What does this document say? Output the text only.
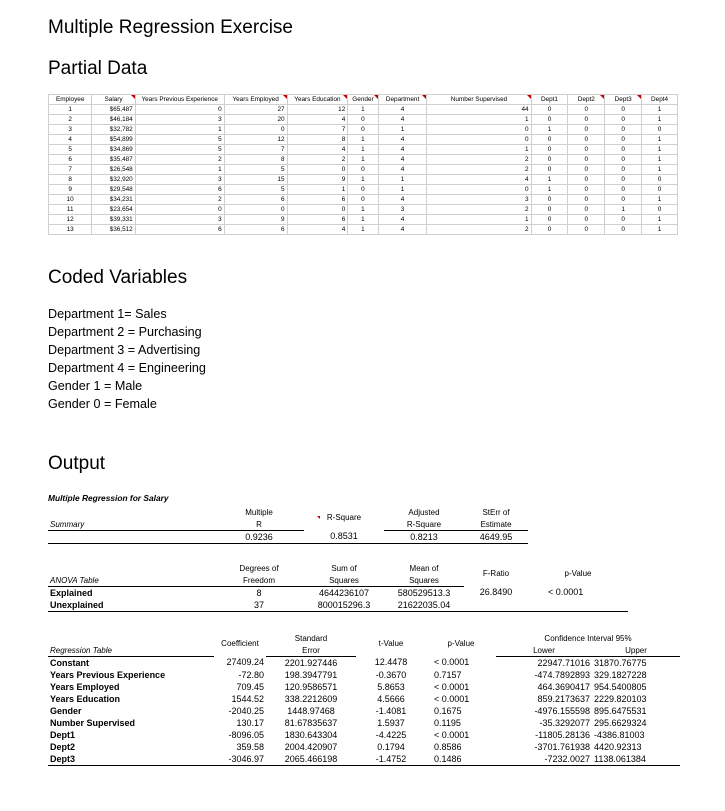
Multiple Regression Exercise
Partial Data
Employee	Salary	Years Previous Experience	Years Employed	Years Education	Gender	Department	Number Supervised	Dept1	Dept2	Dept3	Dept4
1	$65,487	0	27	12	1	4	44	0	0	0	1
2	$46,184	3	20	4	0	4	1	0	0	0	1
3	$32,782	1	0	7	0	1	0	1	0	0	0
4	$54,899	5	12	8	1	4	0	0	0	0	1
5	$34,869	5	7	4	1	4	1	0	0	0	1
6	$35,487	2	8	2	1	4	2	0	0	0	1
7	$26,548	1	5	0	0	4	2	0	0	0	1
8	$32,920	3	15	9	1	1	4	1	0	0	0
9	$29,548	6	5	1	0	1	0	1	0	0	0
10	$34,231	2	6	6	0	4	3	0	0	0	1
11	$23,654	0	0	0	1	3	2	0	0	1	0
12	$39,331	3	9	6	1	4	1	0	0	0	1
13	$36,512	6	6	4	1	4	2	0	0	0	1
Coded Variables
Department 1= Sales
Department 2 = Purchasing
Department 3 = Advertising
Department 4 = Engineering
Gender 1 = Male
Gender 0 = Female
Output
Multiple Regression for Salary
	Multiple	R-Square	Adjusted	StErr of
Summary	R		R-Square	Estimate
	0.9236	0.8531	0.8213	4649.95
	Degrees of	Sum of	Mean of	F-Ratio	p-Value
ANOVA Table	Freedom	Squares	Squares		
Explained	8	4644236107	580529513.3	26.8490	< 0.0001
Unexplained	37	800015296.3	21622035.04		
	Coefficient	Standard	t-Value	p-Value	Confidence Interval 95%	
Regression Table		Error			Lower	Upper
Constant	27409.24	2201.927446	12.4478	< 0.0001	22947.71016	31870.76775
Years Previous Experience	-72.80	198.3947791	-0.3670	0.7157	-474.7892893	329.1827228
Years Employed	709.45	120.9586571	5.8653	< 0.0001	464.3690417	954.5400805
Years Education	1544.52	338.2212609	4.5666	< 0.0001	859.2173637	2229.820103
Gender	-2040.25	1448.97468	-1.4081	0.1675	-4976.155598	895.6475531
Number Supervised	130.17	81.67835637	1.5937	0.1195	-35.3292077	295.6629324
Dept1	-8096.05	1830.643304	-4.4225	< 0.0001	-11805.28136	-4386.81003
Dept2	359.58	2004.420907	0.1794	0.8586	-3701.761938	4420.92313
Dept3	-3046.97	2065.466198	-1.4752	0.1486	-7232.0027	1138.061384
